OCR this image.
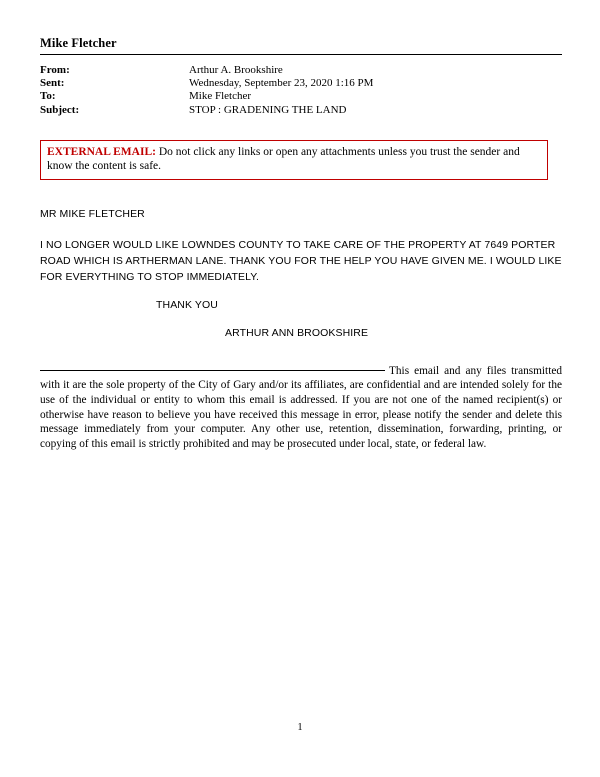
Mike Fletcher
From:	Arthur A. Brookshire
Sent:	Wednesday, September 23, 2020 1:16 PM
To:	Mike Fletcher
Subject:	STOP : GRADENING THE LAND
EXTERNAL EMAIL: Do not click any links or open any attachments unless you trust the sender and know the content is safe.
MR MIKE FLETCHER
I NO LONGER WOULD LIKE LOWNDES COUNTY TO TAKE CARE OF THE PROPERTY AT 7649 PORTER ROAD WHICH IS ARTHERMAN LANE. THANK YOU FOR THE HELP YOU HAVE GIVEN ME. I WOULD LIKE FOR EVERYTHING TO STOP IMMEDIATELY.
THANK YOU
ARTHUR ANN BROOKSHIRE
This email and any files transmitted with it are the sole property of the City of Gary and/or its affiliates, are confidential and are intended solely for the use of the individual or entity to whom this email is addressed. If you are not one of the named recipient(s) or otherwise have reason to believe you have received this message in error, please notify the sender and delete this message immediately from your computer. Any other use, retention, dissemination, forwarding, printing, or copying of this email is strictly prohibited and may be prosecuted under local, state, or federal law.
1
